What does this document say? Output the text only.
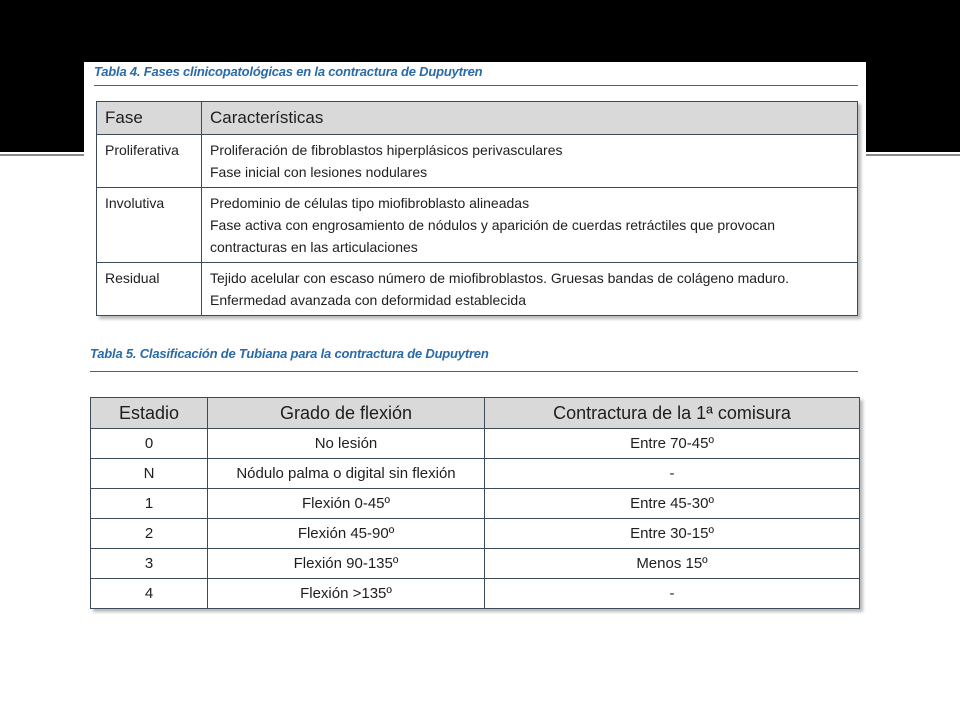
Tabla 4. Fases clinicopatológicas en la contractura de Dupuytren
Fase	Características
Proliferativa	Proliferación de fibroblastos hiperplásicos perivasculares
Fase inicial con lesiones nodulares

Involutiva	Predominio de células tipo miofibroblasto alineadas
Fase activa con engrosamiento de nódulos y aparición de cuerdas retráctiles que provocan
contracturas en las articulaciones

Residual	Tejido acelular con escaso número de miofibroblastos. Gruesas bandas de colágeno maduro.
Enfermedad avanzada con deformidad establecida
Tabla 5. Clasificación de Tubiana para la contractura de Dupuytren
Estadio	Grado de flexión	Contractura de la 1ª comisura
0	No lesión	Entre 70-45º
N	Nódulo palma o digital sin flexión	-
1	Flexión 0-45º	Entre 45-30º
2	Flexión 45-90º	Entre 30-15º
3	Flexión 90-135º	Menos 15º
4	Flexión >135º	-
